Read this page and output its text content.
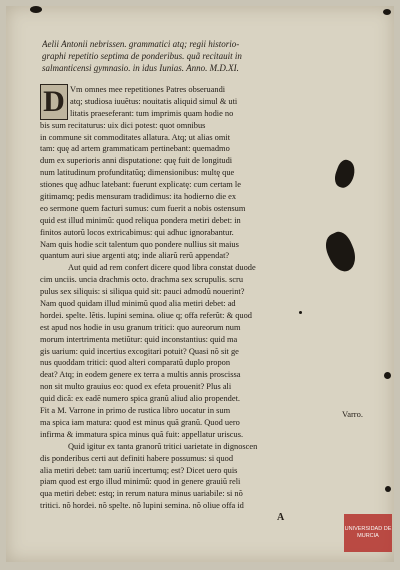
Aelii Antonii nebrissen. grammatici atq; regii historio-
graphi repetitio septima de ponderibus. quã recitauit in
salmanticensi gymnasio. in idus Iunias. Anno. M.D.XI.
Vm omnes mee repetitiones Patres obseruandi
atq; studiosa iuuẽtus: nouitatis aliquid simul & uti
litatis praeseferant: tum imprimis quam hodie no
bis sum recitaturus: uix dici potest: quot omnibus
in commune sit commoditates allatura. Atq; ut alias omit
tam: quę ad artem grammaticam pertinebant: quemadmo
dum ex superioris anni disputatione: quę fuit de longitudi
num latitudinum profunditatũq; dimensionibus: multę que
stiones quę adhuc latebant: fuerunt explicatę: cum certam le
gitimamq; pedis mensuram tradidimus: ita hodierno die ex
eo sermone quem facturi sumus: cum fuerit a nobis ostensum
quid est illud minimũ: quod reliqua pondera metiri debet: in
finitos autorũ locos extricabimus: qui adhuc ignorabantur.
Nam quis hodie scit talentum quo pondere nullius sit maius
quantum auri siue argenti atq; inde aliarũ rerũ appendat?
Aut quid ad rem confert dicere quod libra constat duode
cim unciis. uncia drachmis octo. drachma sex scrupulis. scru
pulus sex siliquis: si siliqua quid sit: pauci admodũ nouerint?
Nam quod quidam illud minimũ quod alia metiri debet: ad
hordei. spelte. lẽtis. lupini semina. oliue q; offa referũt: & quod
est apud nos hodie in usu granum tritici: quo aureorum num
morum intertrimenta metiũtur: quid inconstantius: quid ma
gis uarium: quid incertius excogitari potuit? Quasi nõ sit ge
nus quoddam tritici: quod alteri comparatũ duplo propon
deat? Atq; in eodem genere ex terra a multis annis proscissa
non sit multo grauius eo: quod ex efeta prouenit? Plus ali
quid dicã: ex eadẽ numero spica granũ aliud alio propendet.
Fit a M. Varrone in primo de rustica libro uocatur in sum
ma spica iam matura: quod est minus quã granũ. Quod uero
infirma & immatura spica minus quã fuit: appellatur uriscus.
Quid igitur ex tanta granorũ tritici uarietate in dignoscen
dis ponderibus certi aut definiti habere possumus: si quod
alia metiri debet: tam uariũ incertumq; est? Dicet uero quis
piam quod est ergo illud minimũ: quod in genere grauiũ reli
qua metiri debet: estq; in rerum natura minus uariabile: si nõ
tritici. nõ hordei. nõ spelte. nõ lupini semina. nõ oliue offa id
D
Varro.
A
UNIVERSIDAD DE
MURCIA
